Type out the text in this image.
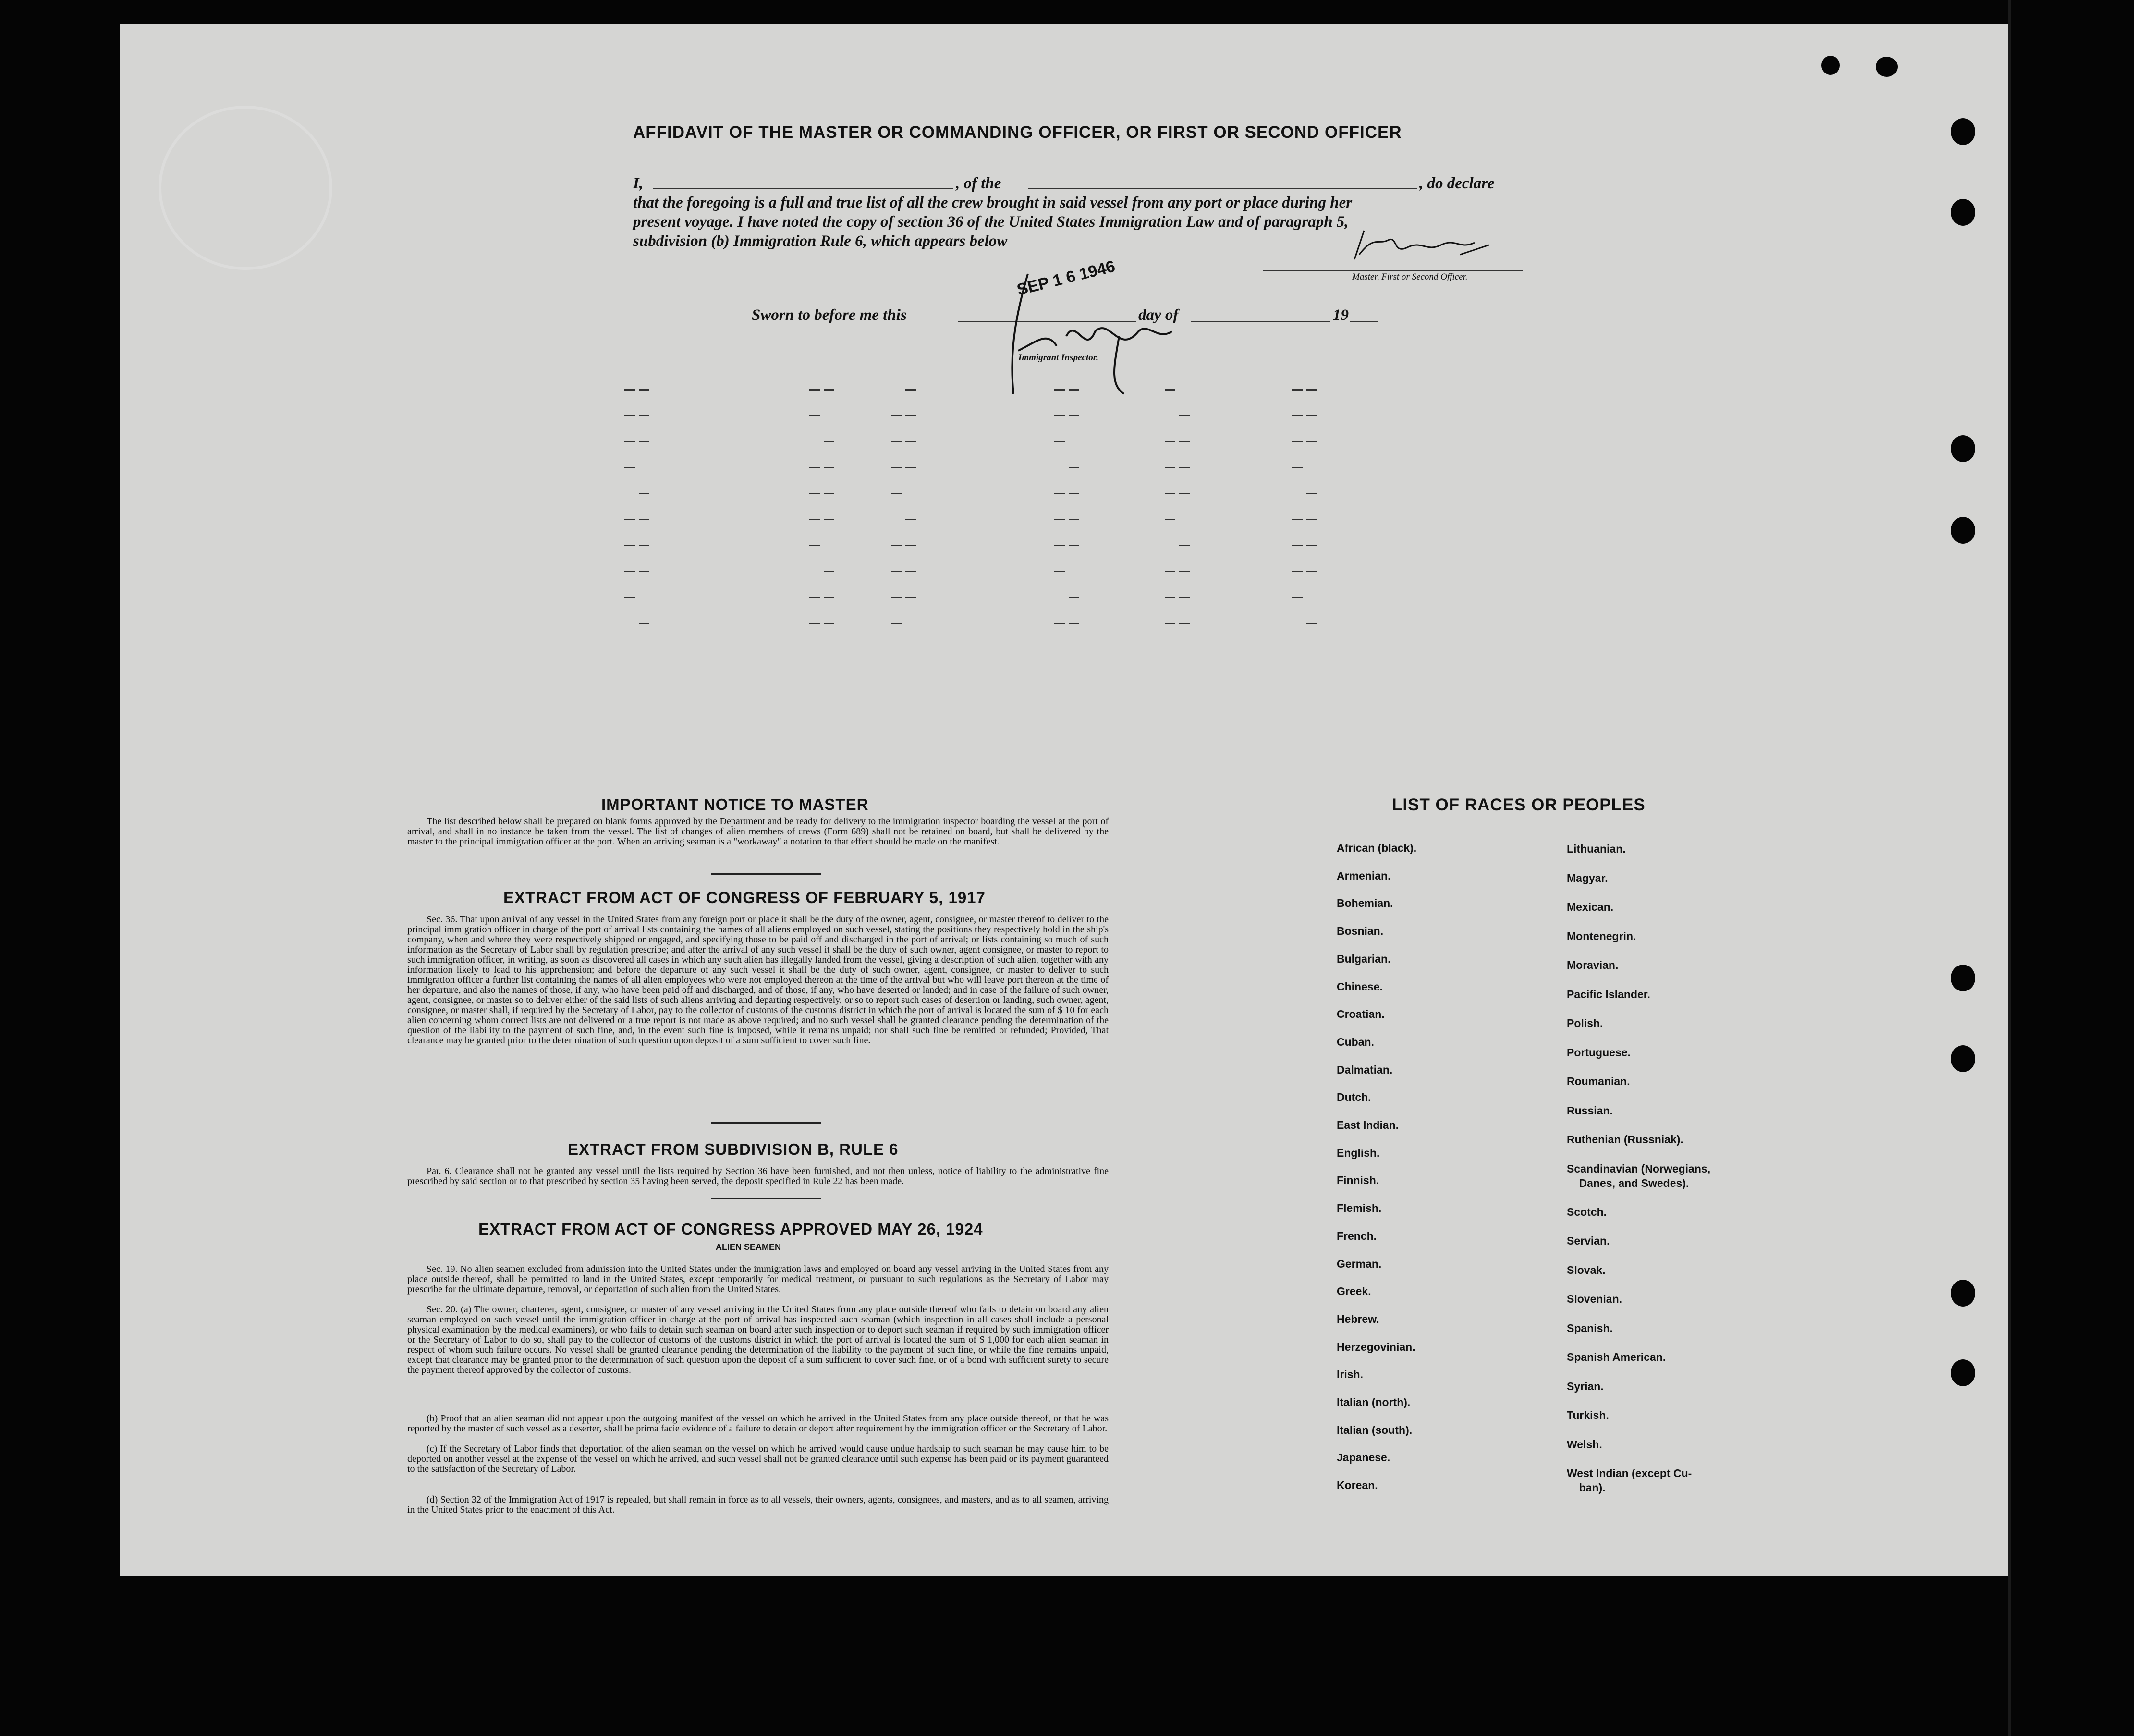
AFFIDAVIT OF THE MASTER OR COMMANDING OFFICER, OR FIRST OR SECOND OFFICER
I,	, of the	, do declare
that the foregoing is a full and true list of all the crew brought in said vessel from any port or place during her
present voyage. I have noted the copy of section 36 of the United States Immigration Law and of paragraph 5,
subdivision (b) Immigration Rule 6, which appears below
Master, First or Second Officer.
SEP 1 6 1946
Sworn to before me this	day of	19
Immigrant Inspector.
IMPORTANT NOTICE TO MASTER
The list described below shall be prepared on blank forms approved by the Department and be ready for delivery to the immigration inspector boarding the vessel at the port of arrival, and shall in no instance be taken from the vessel. The list of changes of alien members of crews (Form 689) shall not be retained on board, but shall be delivered by the master to the principal immigration officer at the port. When an arriving seaman is a "workaway" a notation to that effect should be made on the manifest.
EXTRACT FROM ACT OF CONGRESS OF FEBRUARY 5, 1917
Sec. 36. That upon arrival of any vessel in the United States from any foreign port or place it shall be the duty of the owner, agent, consignee, or master thereof to deliver to the principal immigration officer in charge of the port of arrival lists containing the names of all aliens employed on such vessel, stating the positions they respectively hold in the ship's company, when and where they were respectively shipped or engaged, and specifying those to be paid off and discharged in the port of arrival; or lists containing so much of such information as the Secretary of Labor shall by regulation prescribe; and after the arrival of any such vessel it shall be the duty of such owner, agent consignee, or master to report to such immigration officer, in writing, as soon as discovered all cases in which any such alien has illegally landed from the vessel, giving a description of such alien, together with any information likely to lead to his apprehension; and before the departure of any such vessel it shall be the duty of such owner, agent, consignee, or master to deliver to such immigration officer a further list containing the names of all alien employees who were not employed thereon at the time of the arrival but who will leave port thereon at the time of her departure, and also the names of those, if any, who have been paid off and discharged, and of those, if any, who have deserted or landed; and in case of the failure of such owner, agent, consignee, or master so to deliver either of the said lists of such aliens arriving and departing respectively, or so to report such cases of desertion or landing, such owner, agent, consignee, or master shall, if required by the Secretary of Labor, pay to the collector of customs of the customs district in which the port of arrival is located the sum of $ 10 for each alien concerning whom correct lists are not delivered or a true report is not made as above required; and no such vessel shall be granted clearance pending the determination of the question of the liability to the payment of such fine, and, in the event such fine is imposed, while it remains unpaid; nor shall such fine be remitted or refunded; Provided, That clearance may be granted prior to the determination of such question upon deposit of a sum sufficient to cover such fine.
EXTRACT FROM SUBDIVISION B, RULE 6
Par. 6. Clearance shall not be granted any vessel until the lists required by Section 36 have been furnished, and not then unless, notice of liability to the administrative fine prescribed by said section or to that prescribed by section 35 having been served, the deposit specified in Rule 22 has been made.
EXTRACT FROM ACT OF CONGRESS APPROVED MAY 26, 1924
ALIEN SEAMEN
Sec. 19. No alien seamen excluded from admission into the United States under the immigration laws and employed on board any vessel arriving in the United States from any place outside thereof, shall be permitted to land in the United States, except temporarily for medical treatment, or pursuant to such regulations as the Secretary of Labor may prescribe for the ultimate departure, removal, or deportation of such alien from the United States.
Sec. 20. (a) The owner, charterer, agent, consignee, or master of any vessel arriving in the United States from any place outside thereof who fails to detain on board any alien seaman employed on such vessel until the immigration officer in charge at the port of arrival has inspected such seaman (which inspection in all cases shall include a personal physical examination by the medical examiners), or who fails to detain such seaman on board after such inspection or to deport such seaman if required by such immigration officer or the Secretary of Labor to do so, shall pay to the collector of customs of the customs district in which the port of arrival is located the sum of $ 1,000 for each alien seaman in respect of whom such failure occurs. No vessel shall be granted clearance pending the determination of the liability to the payment of such fine, or while the fine remains unpaid, except that clearance may be granted prior to the determination of such question upon the deposit of a sum sufficient to cover such fine, or of a bond with sufficient surety to secure the payment thereof approved by the collector of customs.
(b) Proof that an alien seaman did not appear upon the outgoing manifest of the vessel on which he arrived in the United States from any place outside thereof, or that he was reported by the master of such vessel as a deserter, shall be prima facie evidence of a failure to detain or deport after requirement by the immigration officer or the Secretary of Labor.
(c) If the Secretary of Labor finds that deportation of the alien seaman on the vessel on which he arrived would cause undue hardship to such seaman he may cause him to be deported on another vessel at the expense of the vessel on which he arrived, and such vessel shall not be granted clearance until such expense has been paid or its payment guaranteed to the satisfaction of the Secretary of Labor.
(d) Section 32 of the Immigration Act of 1917 is repealed, but shall remain in force as to all vessels, their owners, agents, consignees, and masters, and as to all seamen, arriving in the United States prior to the enactment of this Act.
LIST OF RACES OR PEOPLES
African (black).
Armenian.
Bohemian.
Bosnian.
Bulgarian.
Chinese.
Croatian.
Cuban.
Dalmatian.
Dutch.
East Indian.
English.
Finnish.
Flemish.
French.
German.
Greek.
Hebrew.
Herzegovinian.
Irish.
Italian (north).
Italian (south).
Japanese.
Korean.
Lithuanian.
Magyar.
Mexican.
Montenegrin.
Moravian.
Pacific Islander.
Polish.
Portuguese.
Roumanian.
Russian.
Ruthenian (Russniak).
Scandinavian (Norwegians,
Danes, and Swedes).
Scotch.
Servian.
Slovak.
Slovenian.
Spanish.
Spanish American.
Syrian.
Turkish.
Welsh.
West Indian (except Cu-
ban).
